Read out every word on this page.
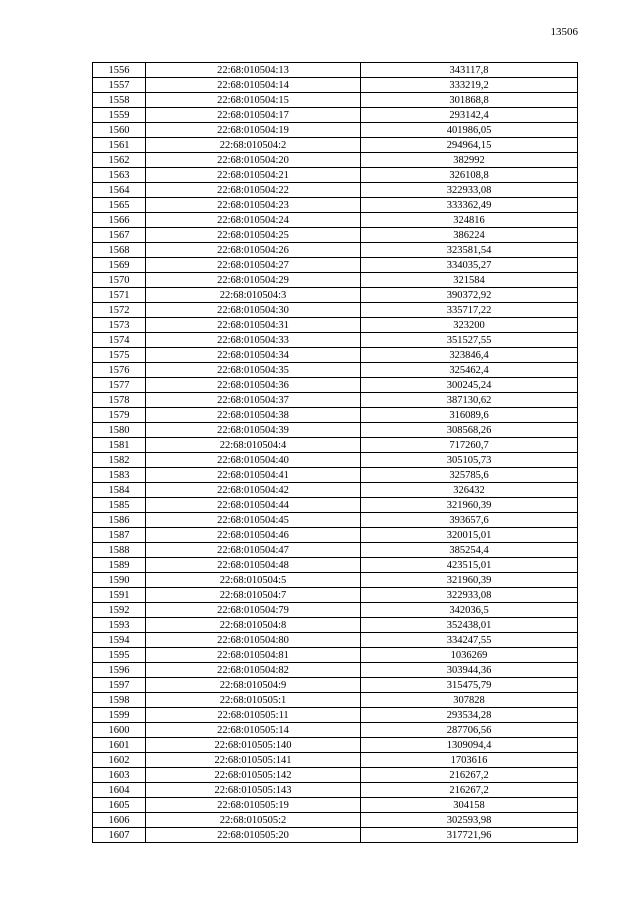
13506
1556	22:68:010504:13	343117,8
1557	22:68:010504:14	333219,2
1558	22:68:010504:15	301868,8
1559	22:68:010504:17	293142,4
1560	22:68:010504:19	401986,05
1561	22:68:010504:2	294964,15
1562	22:68:010504:20	382992
1563	22:68:010504:21	326108,8
1564	22:68:010504:22	322933,08
1565	22:68:010504:23	333362,49
1566	22:68:010504:24	324816
1567	22:68:010504:25	386224
1568	22:68:010504:26	323581,54
1569	22:68:010504:27	334035,27
1570	22:68:010504:29	321584
1571	22:68:010504:3	390372,92
1572	22:68:010504:30	335717,22
1573	22:68:010504:31	323200
1574	22:68:010504:33	351527,55
1575	22:68:010504:34	323846,4
1576	22:68:010504:35	325462,4
1577	22:68:010504:36	300245,24
1578	22:68:010504:37	387130,62
1579	22:68:010504:38	316089,6
1580	22:68:010504:39	308568,26
1581	22:68:010504:4	717260,7
1582	22:68:010504:40	305105,73
1583	22:68:010504:41	325785,6
1584	22:68:010504:42	326432
1585	22:68:010504:44	321960,39
1586	22:68:010504:45	393657,6
1587	22:68:010504:46	320015,01
1588	22:68:010504:47	385254,4
1589	22:68:010504:48	423515,01
1590	22:68:010504:5	321960,39
1591	22:68:010504:7	322933,08
1592	22:68:010504:79	342036,5
1593	22:68:010504:8	352438,01
1594	22:68:010504:80	334247,55
1595	22:68:010504:81	1036269
1596	22:68:010504:82	303944,36
1597	22:68:010504:9	315475,79
1598	22:68:010505:1	307828
1599	22:68:010505:11	293534,28
1600	22:68:010505:14	287706,56
1601	22:68:010505:140	1309094,4
1602	22:68:010505:141	1703616
1603	22:68:010505:142	216267,2
1604	22:68:010505:143	216267,2
1605	22:68:010505:19	304158
1606	22:68:010505:2	302593,98
1607	22:68:010505:20	317721,96
